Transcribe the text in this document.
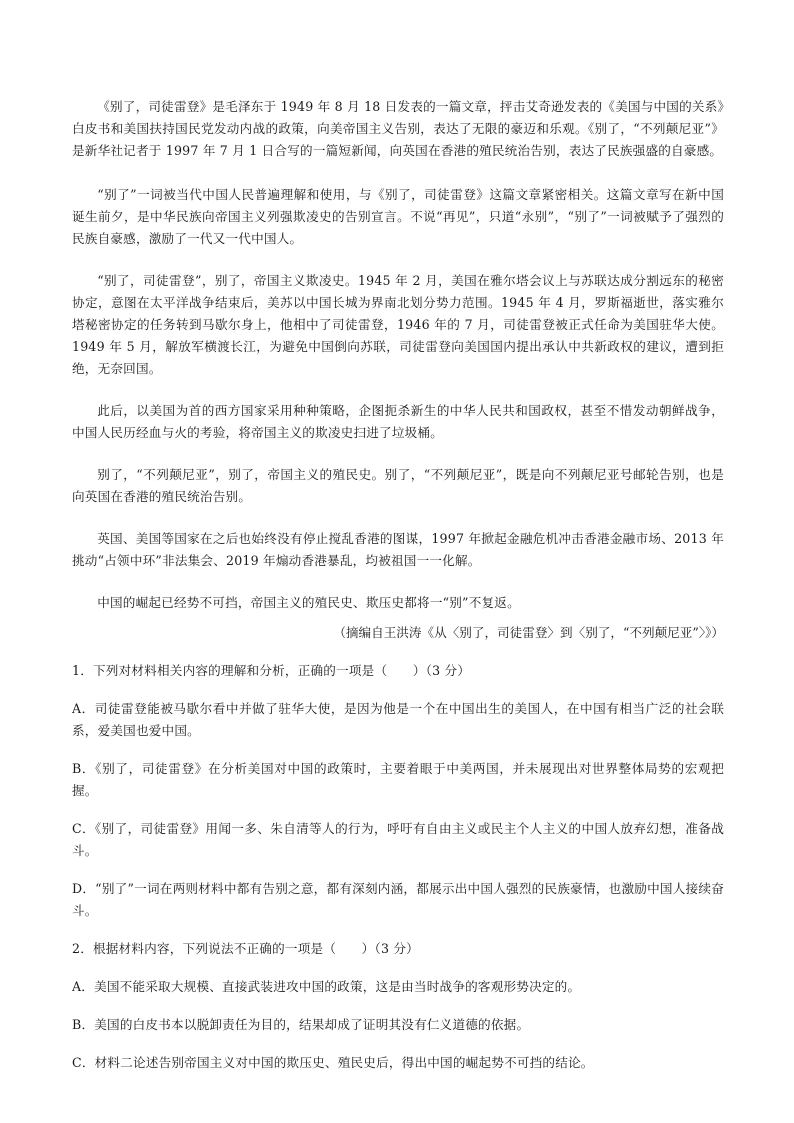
《别了，司徒雷登》是毛泽东于 1949 年 8 月 18 日发表的一篇文章，抨击艾奇逊发表的《美国与中国的关系》白皮书和美国扶持国民党发动内战的政策，向美帝国主义告别，表达了无限的豪迈和乐观。《别了，“不列颠尼亚”》是新华社记者于 1997 年 7 月 1 日合写的一篇短新闻，向英国在香港的殖民统治告别，表达了民族强盛的自豪感。

“别了”一词被当代中国人民普遍理解和使用，与《别了，司徒雷登》这篇文章紧密相关。这篇文章写在新中国诞生前夕，是中华民族向帝国主义列强欺凌史的告别宣言。不说“再见”，只道“永别”，“别了”一词被赋予了强烈的民族自豪感，激励了一代又一代中国人。

“别了，司徒雷登”，别了，帝国主义欺凌史。1945 年 2 月，美国在雅尔塔会议上与苏联达成分割远东的秘密协定，意图在太平洋战争结束后，美苏以中国长城为界南北划分势力范围。1945 年 4 月，罗斯福逝世，落实雅尔塔秘密协定的任务转到马歇尔身上，他相中了司徒雷登，1946 年的 7 月，司徒雷登被正式任命为美国驻华大使。1949 年 5 月，解放军横渡长江，为避免中国倒向苏联，司徒雷登向美国国内提出承认中共新政权的建议，遭到拒绝，无奈回国。

此后，以美国为首的西方国家采用种种策略，企图扼杀新生的中华人民共和国政权，甚至不惜发动朝鲜战争，中国人民历经血与火的考验，将帝国主义的欺凌史扫进了垃圾桶。

别了，“不列颠尼亚”，别了，帝国主义的殖民史。别了，“不列颠尼亚”，既是向不列颠尼亚号邮轮告别，也是向英国在香港的殖民统治告别。

英国、美国等国家在之后也始终没有停止搅乱香港的图谋，1997 年掀起金融危机冲击香港金融市场、2013 年挑动“占领中环”非法集会、2019 年煽动香港暴乱，均被祖国一一化解。

中国的崛起已经势不可挡，帝国主义的殖民史、欺压史都将一“别”不复返。

（摘编自王洪涛《从〈别了，司徒雷登〉到〈别了，“不列颠尼亚”〉》）

1．下列对材料相关内容的理解和分析，正确的一项是（　　）（3 分）

A．司徒雷登能被马歇尔看中并做了驻华大使，是因为他是一个在中国出生的美国人，在中国有相当广泛的社会联系，爱美国也爱中国。

B．《别了，司徒雷登》在分析美国对中国的政策时，主要着眼于中美两国，并未展现出对世界整体局势的宏观把握。

C．《别了，司徒雷登》用闻一多、朱自清等人的行为，呼吁有自由主义或民主个人主义的中国人放弃幻想，准备战斗。

D．“别了”一词在两则材料中都有告别之意，都有深刻内涵，都展示出中国人强烈的民族豪情，也激励中国人接续奋斗。

2．根据材料内容，下列说法不正确的一项是（　　）（3 分）

A．美国不能采取大规模、直接武装进攻中国的政策，这是由当时战争的客观形势决定的。

B．美国的白皮书本以脱卸责任为目的，结果却成了证明其没有仁义道德的依据。

C．材料二论述告别帝国主义对中国的欺压史、殖民史后，得出中国的崛起势不可挡的结论。
